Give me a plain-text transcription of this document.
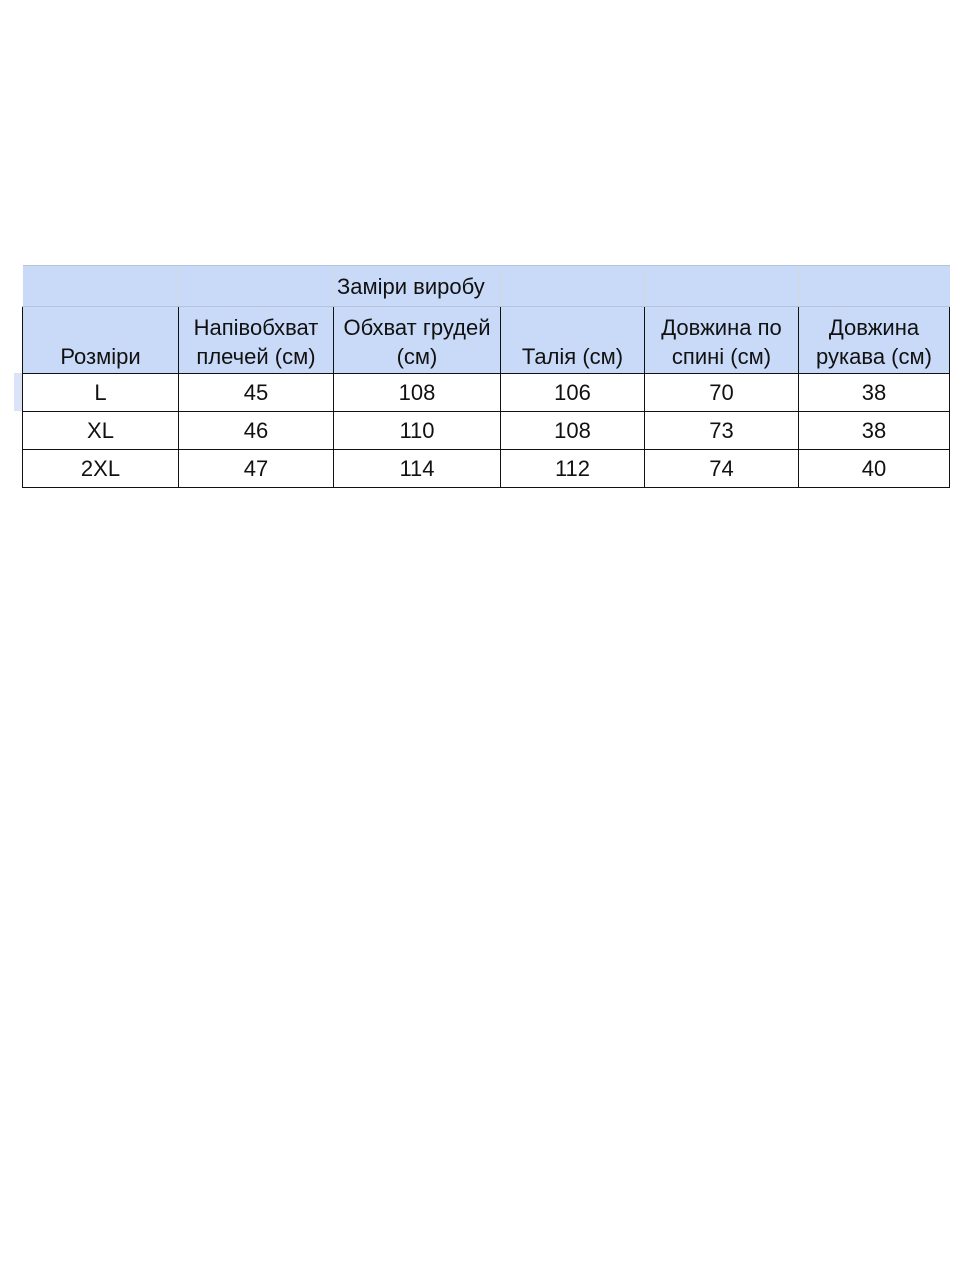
		Заміри виробу			

Розміри	Напівобхват плечей (см)	Обхват грудей (см)	Талія (см)	Довжина по спині (см)	Довжина рукава (см)

L	45	108	106	70	38
XL	46	110	108	73	38
2XL	47	114	112	74	40
